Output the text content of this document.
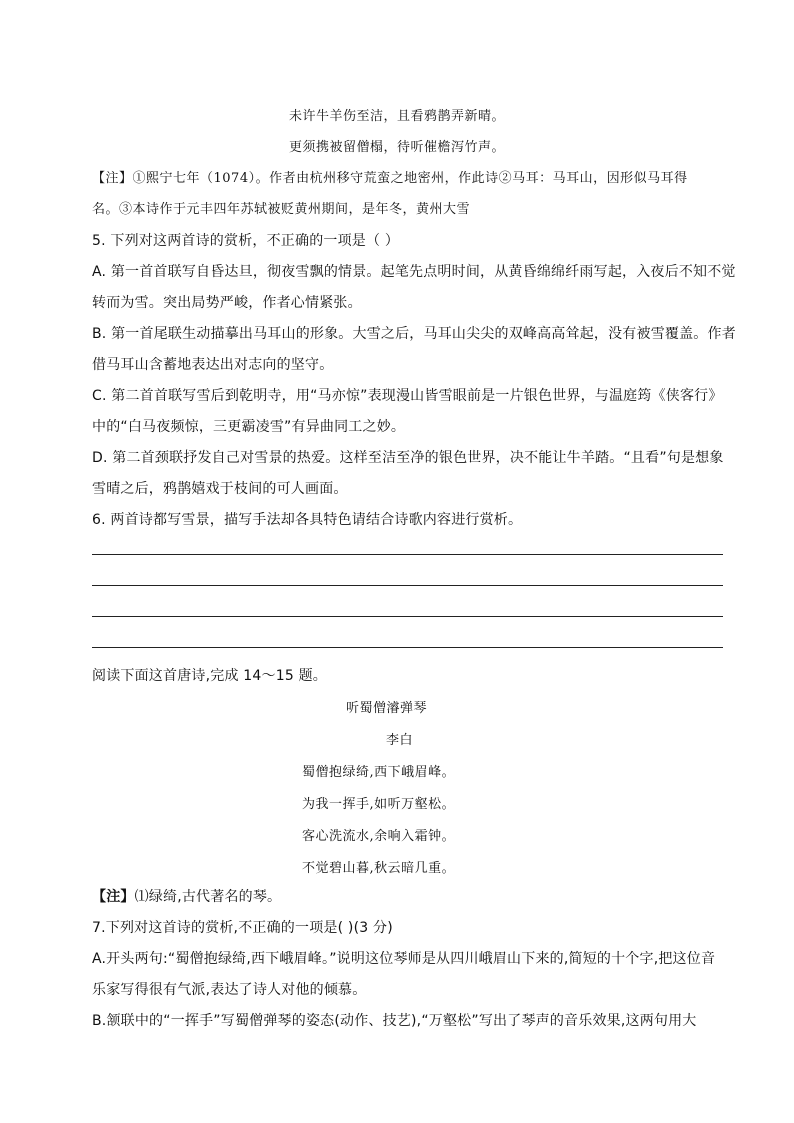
未许牛羊伤至洁，且看鸦鹊弄新晴。
更须携被留僧榻，待听催檐泻竹声。
【注】①熙宁七年（1074）。作者由杭州移守荒蛮之地密州，作此诗②马耳：马耳山，因形似马耳得
名。③本诗作于元丰四年苏轼被贬黄州期间，是年冬，黄州大雪
5. 下列对这两首诗的赏析，不正确的一项是（ ）
A. 第一首首联写自昏达旦，彻夜雪飘的情景。起笔先点明时间，从黄昏绵绵纤雨写起，入夜后不知不觉
转而为雪。突出局势严峻，作者心情紧张。
B. 第一首尾联生动描摹出马耳山的形象。大雪之后，马耳山尖尖的双峰高高耸起，没有被雪覆盖。作者
借马耳山含蓄地表达出对志向的坚守。
C. 第二首首联写雪后到乾明寺，用“马亦惊”表现漫山皆雪眼前是一片银色世界，与温庭筠《侠客行》
中的“白马夜频惊，三更霸凌雪”有异曲同工之妙。
D. 第二首颈联抒发自己对雪景的热爱。这样至洁至净的银色世界，决不能让牛羊踏。“且看”句是想象
雪晴之后，鸦鹊嬉戏于枝间的可人画面。
6. 两首诗都写雪景，描写手法却各具特色请结合诗歌内容进行赏析。
阅读下面这首唐诗,完成 14～15 题。
听蜀僧濬弹琴
李白
蜀僧抱绿绮,西下峨眉峰。
为我一挥手,如听万壑松。
客心洗流水,余响入霜钟。
不觉碧山暮,秋云暗几重。
【注】⑴绿绮,古代著名的琴。
7.下列对这首诗的赏析,不正确的一项是( )(3 分)
A.开头两句:“蜀僧抱绿绮,西下峨眉峰。”说明这位琴师是从四川峨眉山下来的,简短的十个字,把这位音
乐家写得很有气派,表达了诗人对他的倾慕。
B.颔联中的“一挥手”写蜀僧弹琴的姿态(动作、技艺),“万壑松”写出了琴声的音乐效果,这两句用大
